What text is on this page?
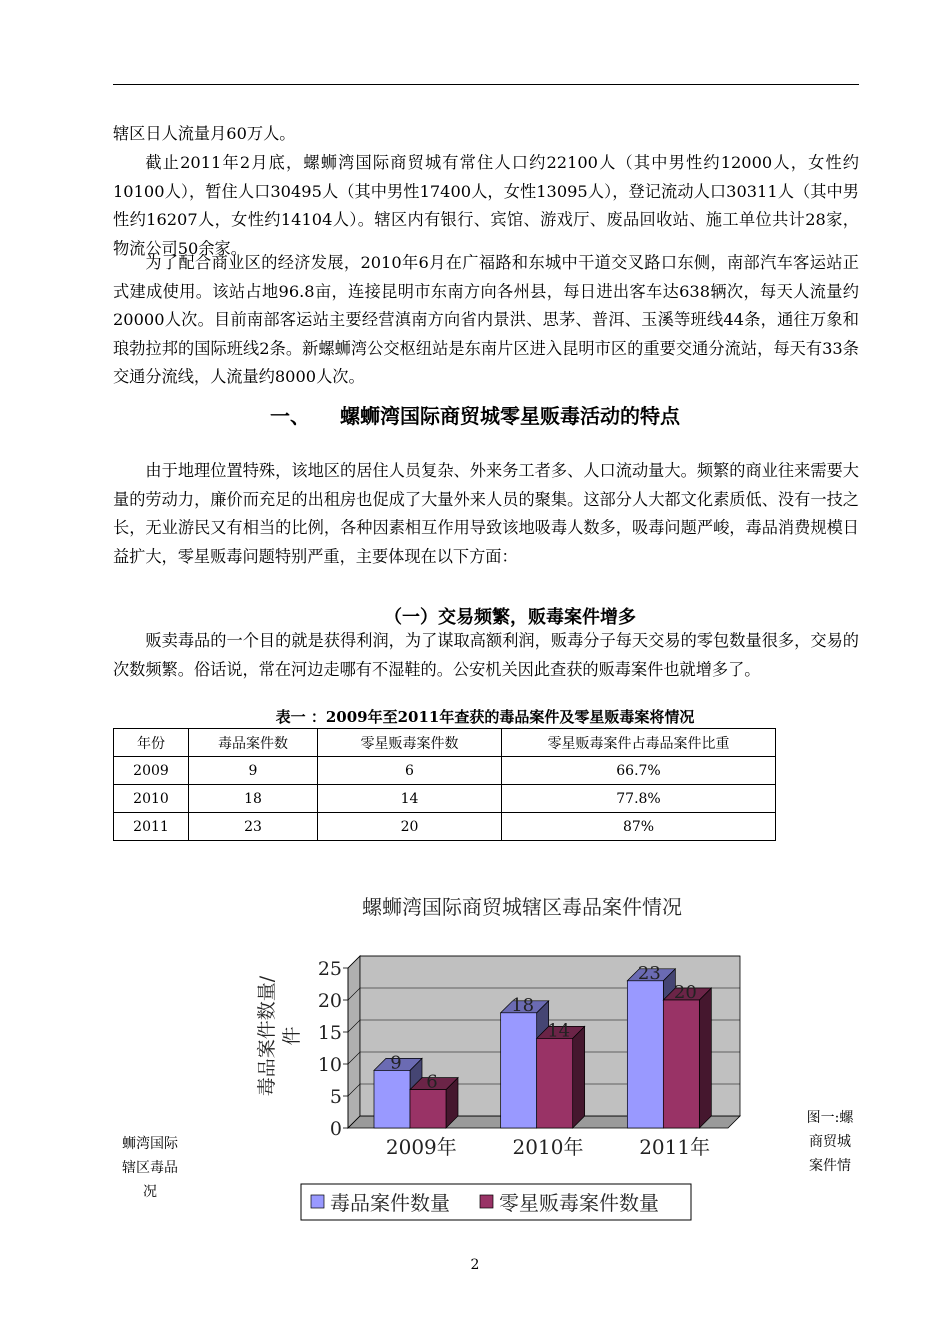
辖区日人流量月60万人。

截止2011年2月底，螺蛳湾国际商贸城有常住人口约22100人（其中男性约12000人，女性约10100人），暂住人口30495人（其中男性17400人，女性13095人），登记流动人口30311人（其中男性约16207人，女性约14104人）。辖区内有银行、宾馆、游戏厅、废品回收站、施工单位共计28家，物流公司50余家。

为了配合商业区的经济发展，2010年6月在广福路和东城中干道交叉路口东侧，南部汽车客运站正式建成使用。该站占地96.8亩，连接昆明市东南方向各州县，每日进出客车达638辆次，每天人流量约20000人次。目前南部客运站主要经营滇南方向省内景洪、思茅、普洱、玉溪等班线44条，通往万象和琅勃拉邦的国际班线2条。新螺蛳湾公交枢纽站是东南片区进入昆明市区的重要交通分流站，每天有33条交通分流线，人流量约8000人次。

一、 螺蛳湾国际商贸城零星贩毒活动的特点

由于地理位置特殊，该地区的居住人员复杂、外来务工者多、人口流动量大。频繁的商业往来需要大量的劳动力，廉价而充足的出租房也促成了大量外来人员的聚集。这部分人大都文化素质低、没有一技之长，无业游民又有相当的比例，各种因素相互作用导致该地吸毒人数多，吸毒问题严峻，毒品消费规模日益扩大，零星贩毒问题特别严重，主要体现在以下方面：

（一）交易频繁，贩毒案件增多

贩卖毒品的一个目的就是获得利润，为了谋取高额利润，贩毒分子每天交易的零包数量很多，交易的次数频繁。俗话说，常在河边走哪有不湿鞋的。公安机关因此查获的贩毒案件也就增多了。

表一 ：2009年至2011年查获的毒品案件及零星贩毒案将情况

年份	毒品案件数	零星贩毒案件数	零星贩毒案件占毒品案件比重
2009	9	6	66.7%
2010	18	14	77.8%
2011	23	20	87%
螺蛳湾国际商贸城辖区毒品案件情况
0
5
10
15
20
25
毒品案件数量/ 件
9
6
2009年
18
14
2010年
23
20
2011年
毒品案件数量 零星贩毒案件数量
蛳湾国际
辖区毒品
况
图一:螺
商贸城
案件情
2
